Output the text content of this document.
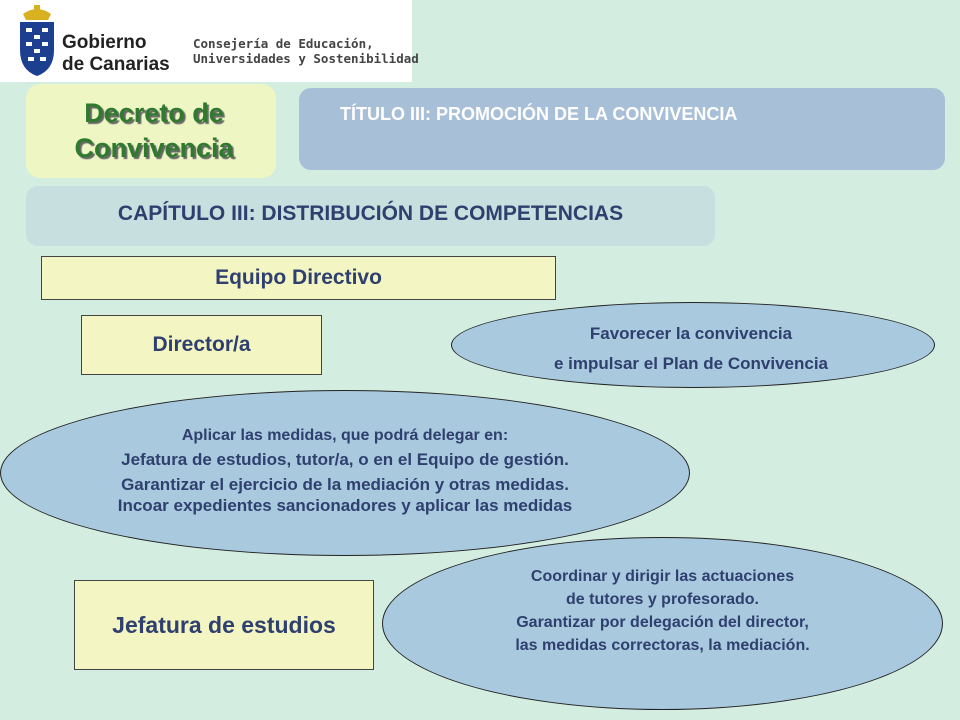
Gobierno
de Canarias
Consejería de Educación,
Universidades y Sostenibilidad
Decreto de
Convivencia
TÍTULO III: PROMOCIÓN DE LA CONVIVENCIA
CAPÍTULO III: DISTRIBUCIÓN DE COMPETENCIAS
Equipo Directivo
Director/a
Jefatura de estudios
Favorecer la convivencia
e impulsar el Plan de Convivencia
Aplicar las medidas, que podrá delegar en:
Jefatura de estudios, tutor/a, o en el Equipo de gestión.
Garantizar el ejercicio de la mediación y otras medidas.
Incoar expedientes sancionadores y aplicar las medidas
Coordinar y dirigir las actuaciones
de tutores y profesorado.
Garantizar por delegación del director,
las medidas correctoras, la mediación.
